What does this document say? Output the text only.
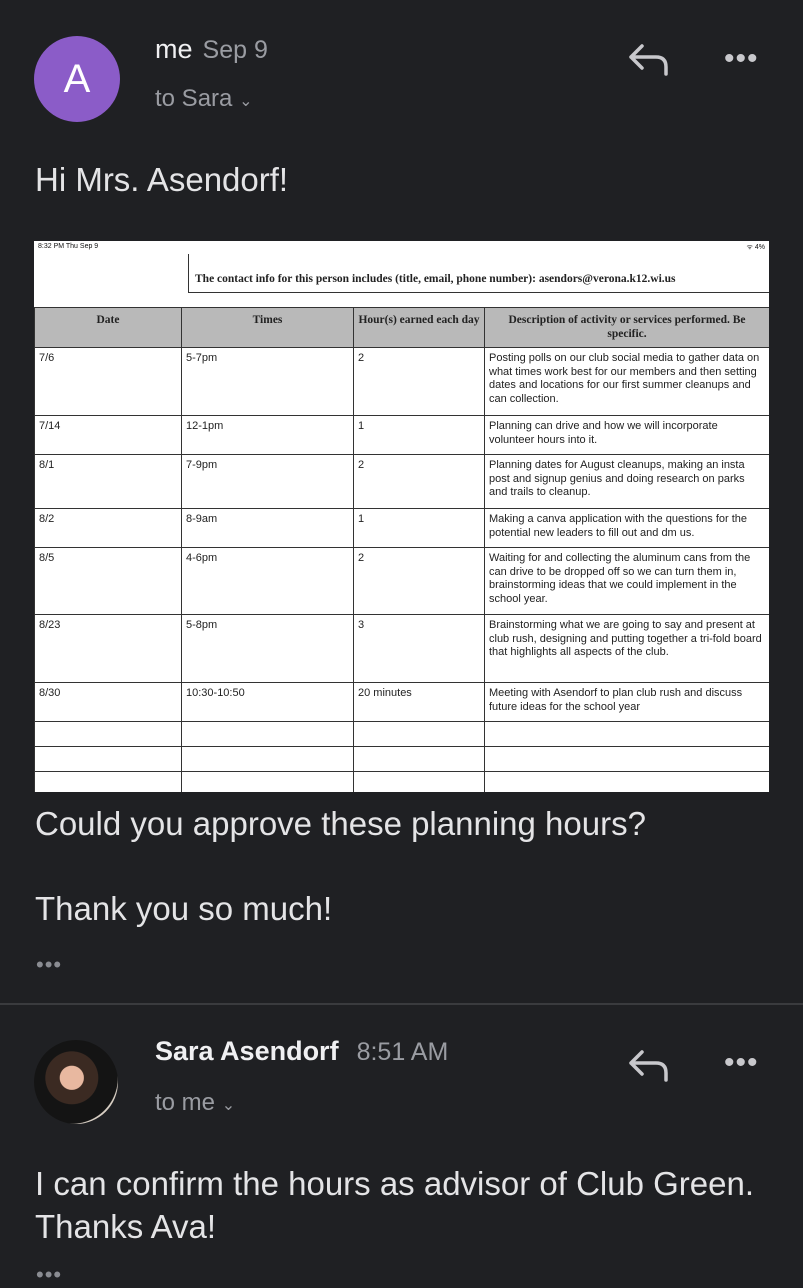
A
me Sep 9
to Sara ⌄
•••
Hi Mrs. Asendorf!
8:32 PM Thu Sep 9	ᯤ 4%
The contact info for this person includes (title, email, phone number): asendors@verona.k12.wi.us
Date	Times	Hour(s) earned each day	Description of activity or services performed. Be specific.
7/6	5-7pm	2	Posting polls on our club social media to gather data on what times work best for our members and then setting dates and locations for our first summer cleanups and can collection.
7/14	12-1pm	1	Planning can drive and how we will incorporate volunteer hours into it.
8/1	7-9pm	2	Planning dates for August cleanups, making an insta post and signup genius and doing research on parks and trails to cleanup.
8/2	8-9am	1	Making a canva application with the questions for the potential new leaders to fill out and dm us.
8/5	4-6pm	2	Waiting for and collecting the aluminum cans from the can drive to be dropped off so we can turn them in, brainstorming ideas that we could implement in the school year.
8/23	5-8pm	3	Brainstorming what we are going to say and present at club rush, designing and putting together a tri-fold board that highlights all aspects of the club.
8/30	10:30-10:50	20 minutes	Meeting with Asendorf to plan club rush and discuss future ideas for the school year

Could you approve these planning hours?
Thank you so much!
•••
Sara Asendorf 8:51 AM
to me ⌄
•••
I can confirm the hours as advisor of Club Green. Thanks Ava!
•••
